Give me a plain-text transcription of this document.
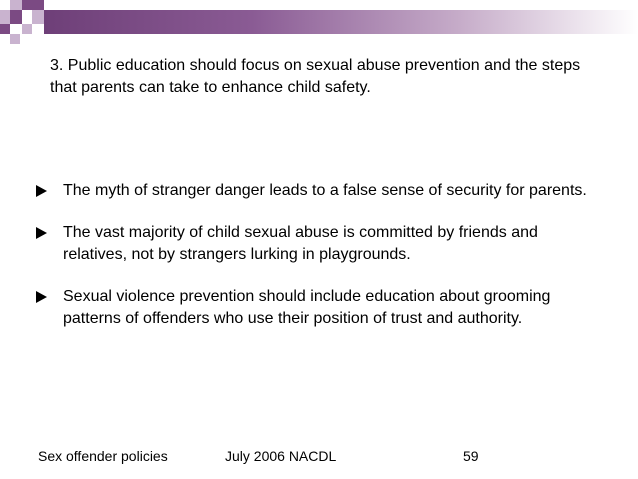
3. Public education should focus on sexual abuse prevention and the steps that parents can take to enhance child safety.
The myth of stranger danger leads to a false sense of security for parents.
The vast majority of child sexual abuse is committed by friends and relatives, not by strangers lurking in playgrounds.
Sexual violence prevention should include education about grooming patterns of offenders who use their position of trust and authority.
Sex offender policies	July 2006 NACDL	59
